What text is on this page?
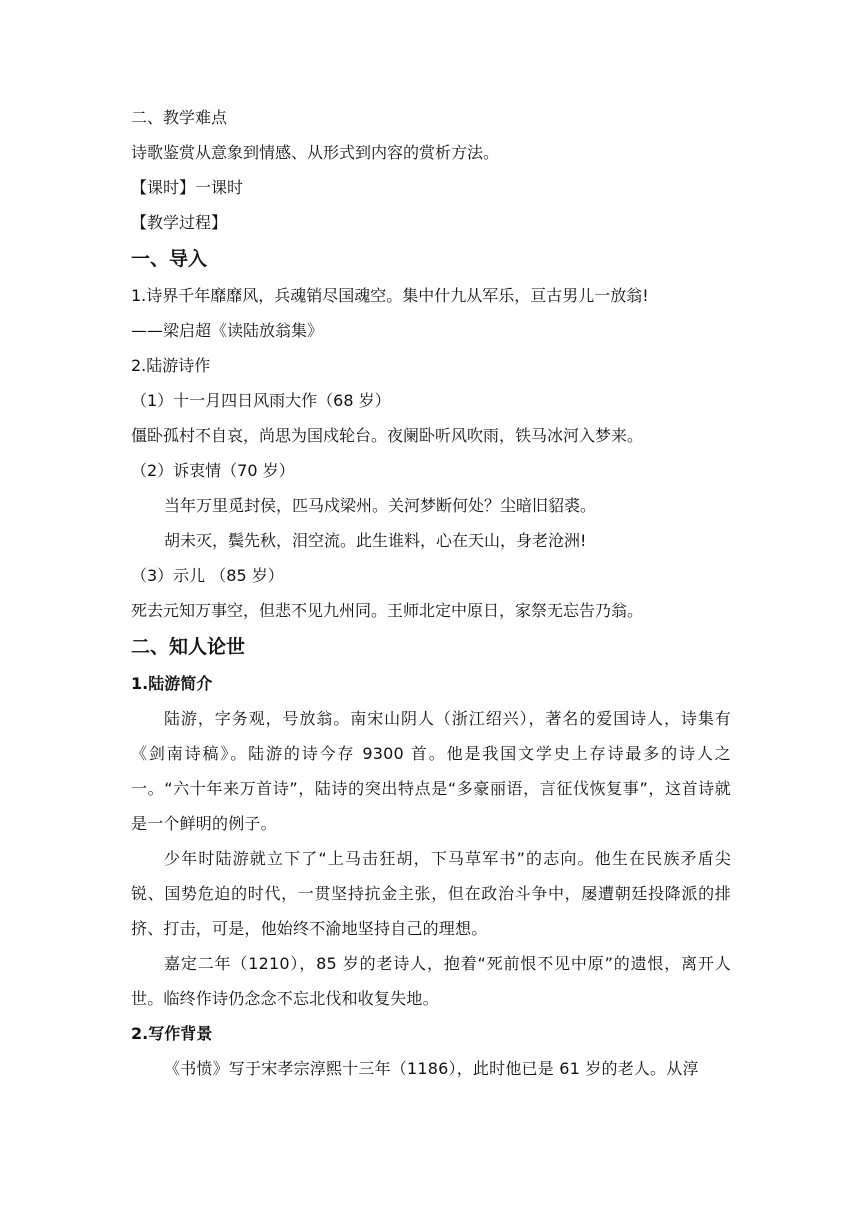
二、教学难点
诗歌鉴赏从意象到情感、从形式到内容的赏析方法。
【课时】一课时
【教学过程】
一、导入
1.诗界千年靡靡风，兵魂销尽国魂空。集中什九从军乐，亘古男儿一放翁!
——梁启超《读陆放翁集》
2.陆游诗作
（1）十一月四日风雨大作（68 岁）
僵卧孤村不自哀，尚思为国戍轮台。夜阑卧听风吹雨，铁马冰河入梦来。
（2）诉衷情（70 岁）
当年万里觅封侯，匹马戍梁州。关河梦断何处？尘暗旧貂裘。
胡未灭，鬓先秋，泪空流。此生谁料，心在天山，身老沧洲!
（3）示儿 （85 岁）
死去元知万事空，但悲不见九州同。王师北定中原日，家祭无忘告乃翁。
二、知人论世
1.陆游简介

陆游，字务观，号放翁。南宋山阴人（浙江绍兴），著名的爱国诗人，诗集有《剑南诗稿》。陆游的诗今存 9300 首。他是我国文学史上存诗最多的诗人之一。“六十年来万首诗”，陆诗的突出特点是“多豪丽语，言征伐恢复事”，这首诗就是一个鲜明的例子。

少年时陆游就立下了“上马击狂胡，下马草军书”的志向。他生在民族矛盾尖锐、国势危迫的时代，一贯坚持抗金主张，但在政治斗争中，屡遭朝廷投降派的排挤、打击，可是，他始终不渝地坚持自己的理想。

嘉定二年（1210），85 岁的老诗人，抱着“死前恨不见中原”的遗恨，离开人世。临终作诗仍念念不忘北伐和收复失地。

2.写作背景

《书愤》写于宋孝宗淳熙十三年（1186），此时他已是 61 岁的老人。从淳
